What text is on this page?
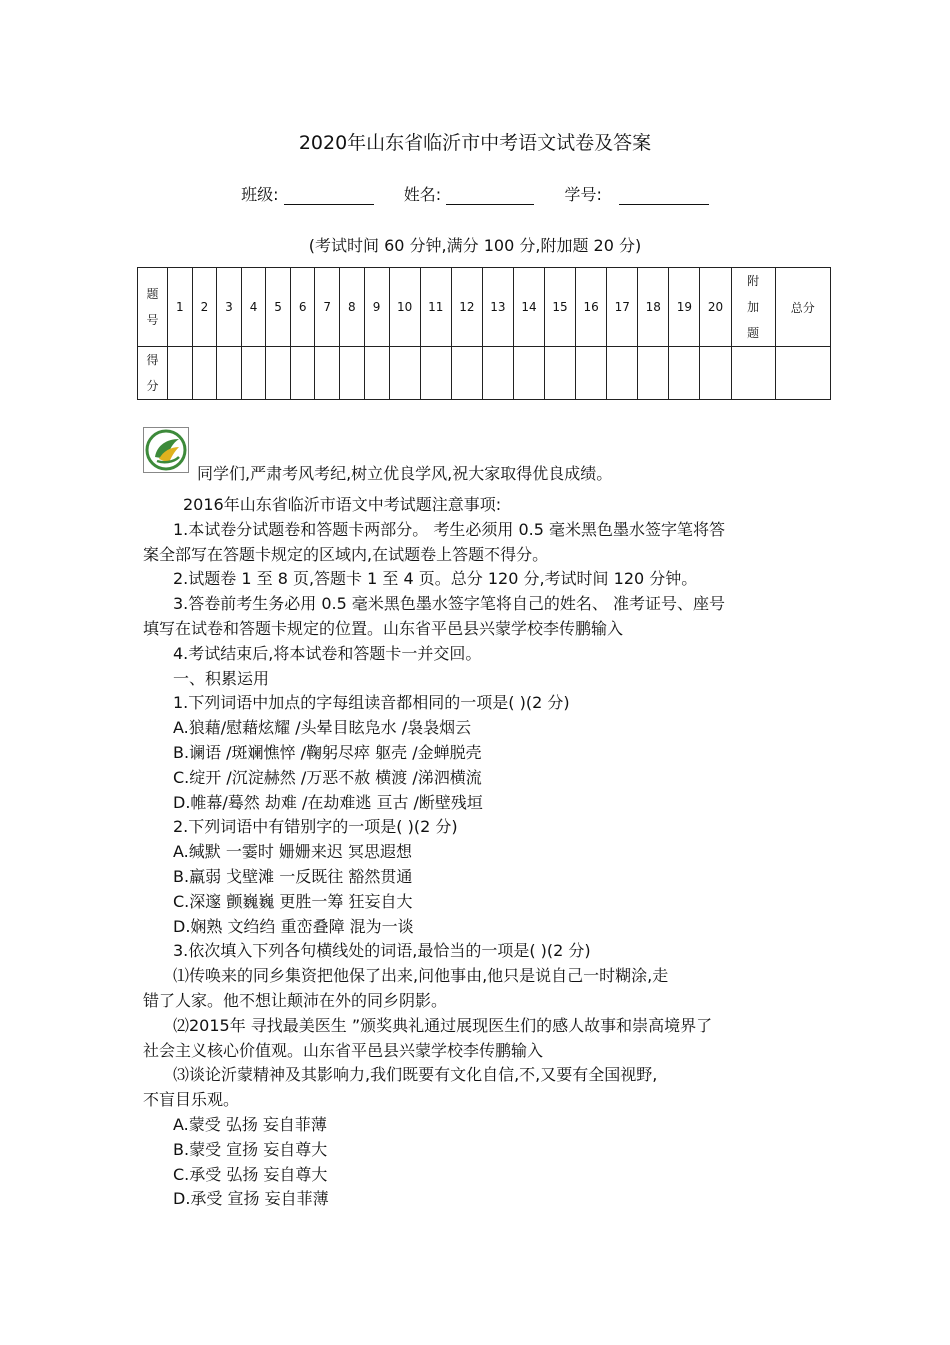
2020年山东省临沂市中考语文试卷及答案
班级:	姓名:	学号:
(考试时间 60 分钟,满分 100 分,附加题 20 分)
题号	1	2	3	4	5	6	7	8	9	10	11	12	13	14	15	16	17	18	19	20	附加题	总分
得分																						
同学们,严肃考风考纪,树立优良学风,祝大家取得优良成绩。

2016年山东省临沂市语文中考试题注意事项:

1.本试卷分试题卷和答题卡两部分。 考生必须用 0.5 毫米黑色墨水签字笔将答

案全部写在答题卡规定的区域内,在试题卷上答题不得分。

2.试题卷 1 至 8 页,答题卡 1 至 4 页。总分 120 分,考试时间 120 分钟。

3.答卷前考生务必用 0.5 毫米黑色墨水签字笔将自己的姓名、 准考证号、座号

填写在试卷和答题卡规定的位置。山东省平邑县兴蒙学校李传鹏输入

4.考试结束后,将本试卷和答题卡一并交回。

一、积累运用

1.下列词语中加点的字每组读音都相同的一项是( )(2 分)

A.狼藉/慰藉炫耀 /头晕目眩凫水 /袅袅烟云

B.谰语 /斑斓憔悴 /鞠躬尽瘁 躯壳 /金蝉脱壳

C.绽开 /沉淀赫然 /万恶不赦 横渡 /涕泗横流

D.帷幕/蓦然 劫难 /在劫难逃 亘古 /断壁残垣

2.下列词语中有错别字的一项是( )(2 分)

A.缄默 一霎时 姗姗来迟 冥思遐想

B.羸弱 戈壁滩 一反既往 豁然贯通

C.深邃 颤巍巍 更胜一筹 狂妄自大

D.娴熟 文绉绉 重峦叠障 混为一谈

3.依次填入下列各句横线处的词语,最恰当的一项是( )(2 分)

⑴传唤来的同乡集资把他保了出来,问他事由,他只是说自己一时糊涂,走

错了人家。他不想让颠沛在外的同乡阴影。

⑵2015年 寻找最美医生 ”颁奖典礼通过展现医生们的感人故事和崇高境界了

社会主义核心价值观。山东省平邑县兴蒙学校李传鹏输入

⑶谈论沂蒙精神及其影响力,我们既要有文化自信,不,又要有全国视野,

不盲目乐观。

A.蒙受 弘扬 妄自菲薄

B.蒙受 宣扬 妄自尊大

C.承受 弘扬 妄自尊大

D.承受 宣扬 妄自菲薄
